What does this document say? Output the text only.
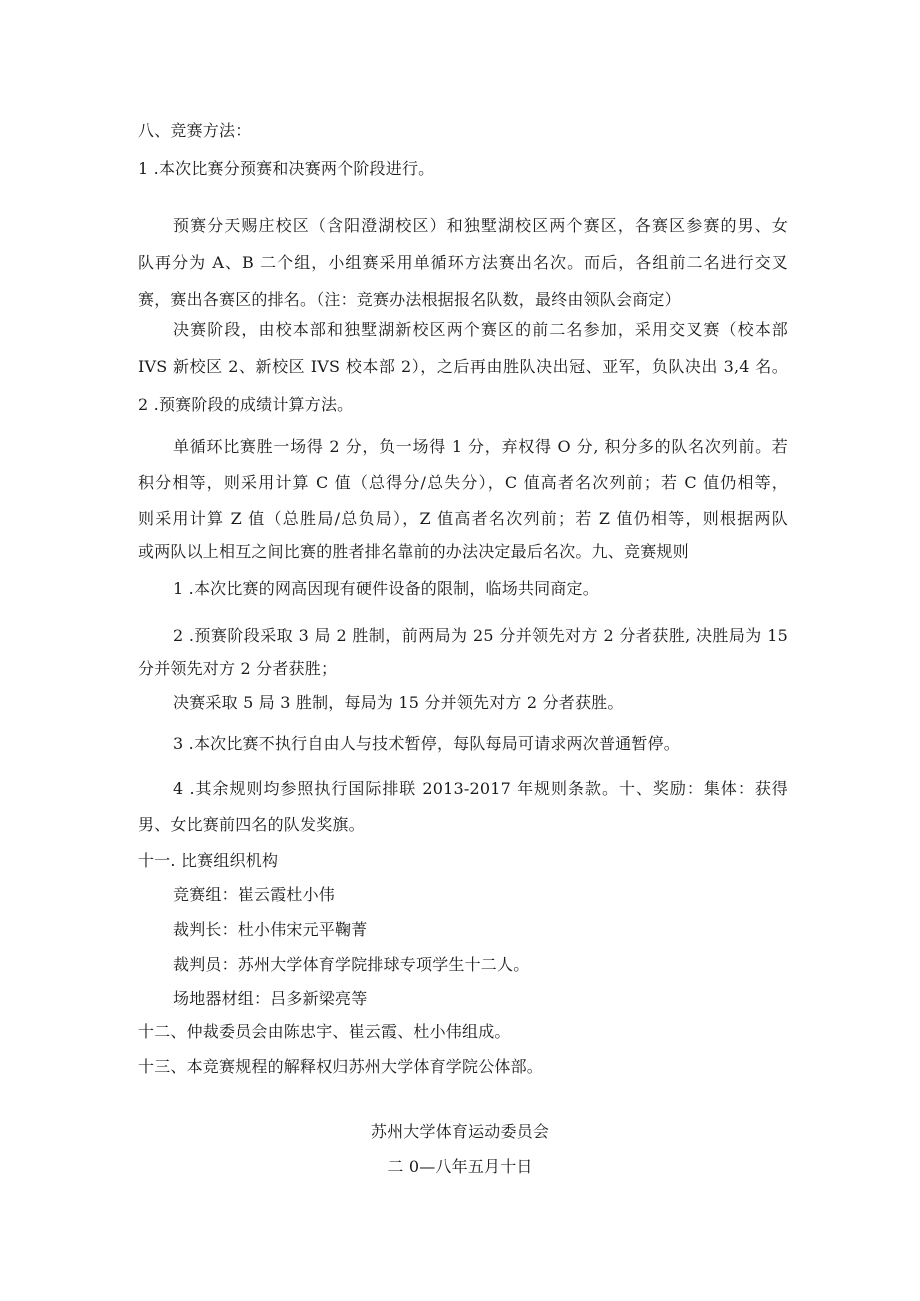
八、竞赛方法：
1 .本次比赛分预赛和决赛两个阶段进行。
预赛分天赐庄校区（含阳澄湖校区）和独墅湖校区两个赛区，各赛区参赛的男、女
队再分为 A、B 二个组，小组赛采用单循环方法赛出名次。而后，各组前二名进行交叉
赛，赛出各赛区的排名。（注：竞赛办法根据报名队数，最终由领队会商定）
决赛阶段，由校本部和独墅湖新校区两个赛区的前二名参加，采用交叉赛（校本部
IVS 新校区 2、新校区 IVS 校本部 2），之后再由胜队决出冠、亚军，负队决出 3,4 名。
2 .预赛阶段的成绩计算方法。
单循环比赛胜一场得 2 分，负一场得 1 分，弃权得 O 分, 积分多的队名次列前。若
积分相等，则采用计算 C 值（总得分/总失分），C 值高者名次列前；若 C 值仍相等，
则采用计算 Z 值（总胜局/总负局），Z 值高者名次列前；若 Z 值仍相等，则根据两队
或两队以上相互之间比赛的胜者排名靠前的办法决定最后名次。九、竞赛规则
1 .本次比赛的网高因现有硬件设备的限制，临场共同商定。
2 .预赛阶段采取 3 局 2 胜制，前两局为 25 分并领先对方 2 分者获胜, 决胜局为 15
分并领先对方 2 分者获胜；
决赛采取 5 局 3 胜制，每局为 15 分并领先对方 2 分者获胜。
3 .本次比赛不执行自由人与技术暂停，每队每局可请求两次普通暂停。
4 .其余规则均参照执行国际排联 2013-2017 年规则条款。十、奖励：集体：获得
男、女比赛前四名的队发奖旗。
十一. 比赛组织机构
竞赛组：崔云霞杜小伟
裁判长：杜小伟宋元平鞠菁
裁判员：苏州大学体育学院排球专项学生十二人。
场地器材组：吕多新梁亮等
十二、仲裁委员会由陈忠宇、崔云霞、杜小伟组成。
十三、本竞赛规程的解释权归苏州大学体育学院公体部。
苏州大学体育运动委员会
二 0—八年五月十日
